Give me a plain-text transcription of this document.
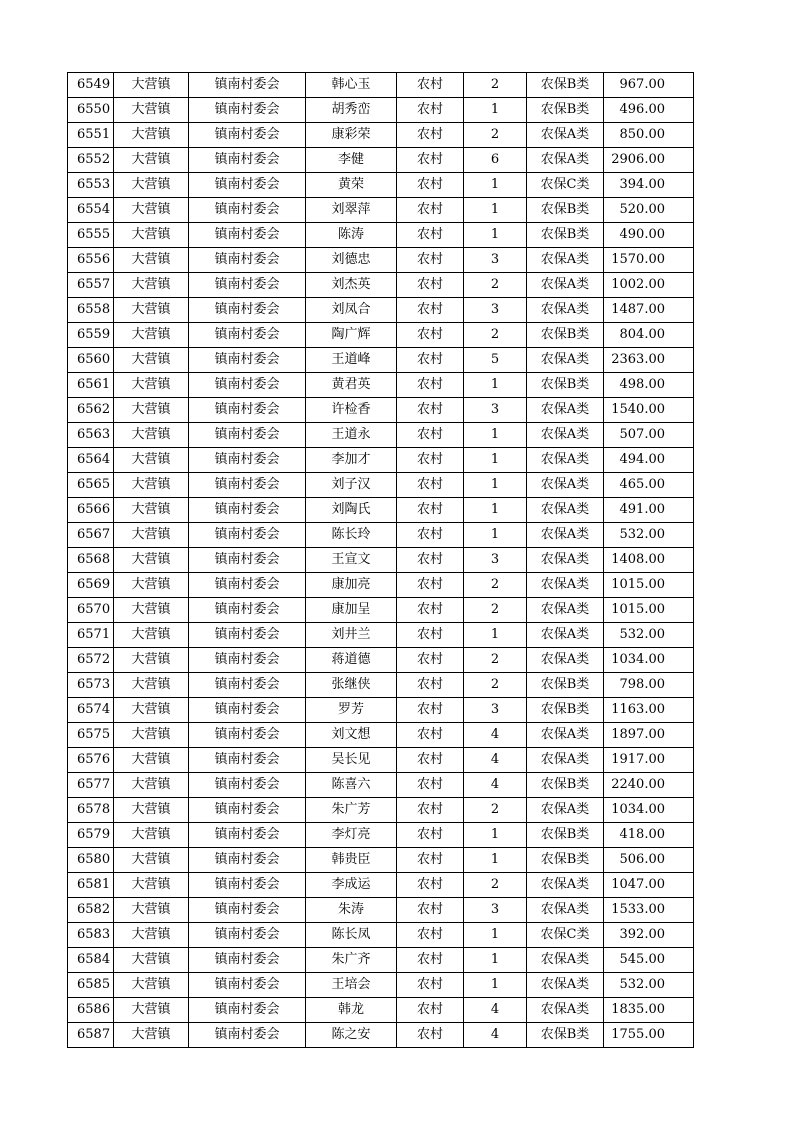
6549	大营镇	镇南村委会	韩心玉	农村	2	农保B类	967.00
6550	大营镇	镇南村委会	胡秀峦	农村	1	农保B类	496.00
6551	大营镇	镇南村委会	康彩荣	农村	2	农保A类	850.00
6552	大营镇	镇南村委会	李健	农村	6	农保A类	2906.00
6553	大营镇	镇南村委会	黄荣	农村	1	农保C类	394.00
6554	大营镇	镇南村委会	刘翠萍	农村	1	农保B类	520.00
6555	大营镇	镇南村委会	陈涛	农村	1	农保B类	490.00
6556	大营镇	镇南村委会	刘德忠	农村	3	农保A类	1570.00
6557	大营镇	镇南村委会	刘杰英	农村	2	农保A类	1002.00
6558	大营镇	镇南村委会	刘凤合	农村	3	农保A类	1487.00
6559	大营镇	镇南村委会	陶广辉	农村	2	农保B类	804.00
6560	大营镇	镇南村委会	王道峰	农村	5	农保A类	2363.00
6561	大营镇	镇南村委会	黄君英	农村	1	农保B类	498.00
6562	大营镇	镇南村委会	许检香	农村	3	农保A类	1540.00
6563	大营镇	镇南村委会	王道永	农村	1	农保A类	507.00
6564	大营镇	镇南村委会	李加才	农村	1	农保A类	494.00
6565	大营镇	镇南村委会	刘子汉	农村	1	农保A类	465.00
6566	大营镇	镇南村委会	刘陶氏	农村	1	农保A类	491.00
6567	大营镇	镇南村委会	陈长玲	农村	1	农保A类	532.00
6568	大营镇	镇南村委会	王宣文	农村	3	农保A类	1408.00
6569	大营镇	镇南村委会	康加亮	农村	2	农保A类	1015.00
6570	大营镇	镇南村委会	康加呈	农村	2	农保A类	1015.00
6571	大营镇	镇南村委会	刘井兰	农村	1	农保A类	532.00
6572	大营镇	镇南村委会	蒋道德	农村	2	农保A类	1034.00
6573	大营镇	镇南村委会	张继侠	农村	2	农保B类	798.00
6574	大营镇	镇南村委会	罗芳	农村	3	农保B类	1163.00
6575	大营镇	镇南村委会	刘文想	农村	4	农保A类	1897.00
6576	大营镇	镇南村委会	吴长见	农村	4	农保A类	1917.00
6577	大营镇	镇南村委会	陈喜六	农村	4	农保B类	2240.00
6578	大营镇	镇南村委会	朱广芳	农村	2	农保A类	1034.00
6579	大营镇	镇南村委会	李灯亮	农村	1	农保B类	418.00
6580	大营镇	镇南村委会	韩贵臣	农村	1	农保B类	506.00
6581	大营镇	镇南村委会	李成运	农村	2	农保A类	1047.00
6582	大营镇	镇南村委会	朱涛	农村	3	农保A类	1533.00
6583	大营镇	镇南村委会	陈长凤	农村	1	农保C类	392.00
6584	大营镇	镇南村委会	朱广齐	农村	1	农保A类	545.00
6585	大营镇	镇南村委会	王培会	农村	1	农保A类	532.00
6586	大营镇	镇南村委会	韩龙	农村	4	农保A类	1835.00
6587	大营镇	镇南村委会	陈之安	农村	4	农保B类	1755.00
